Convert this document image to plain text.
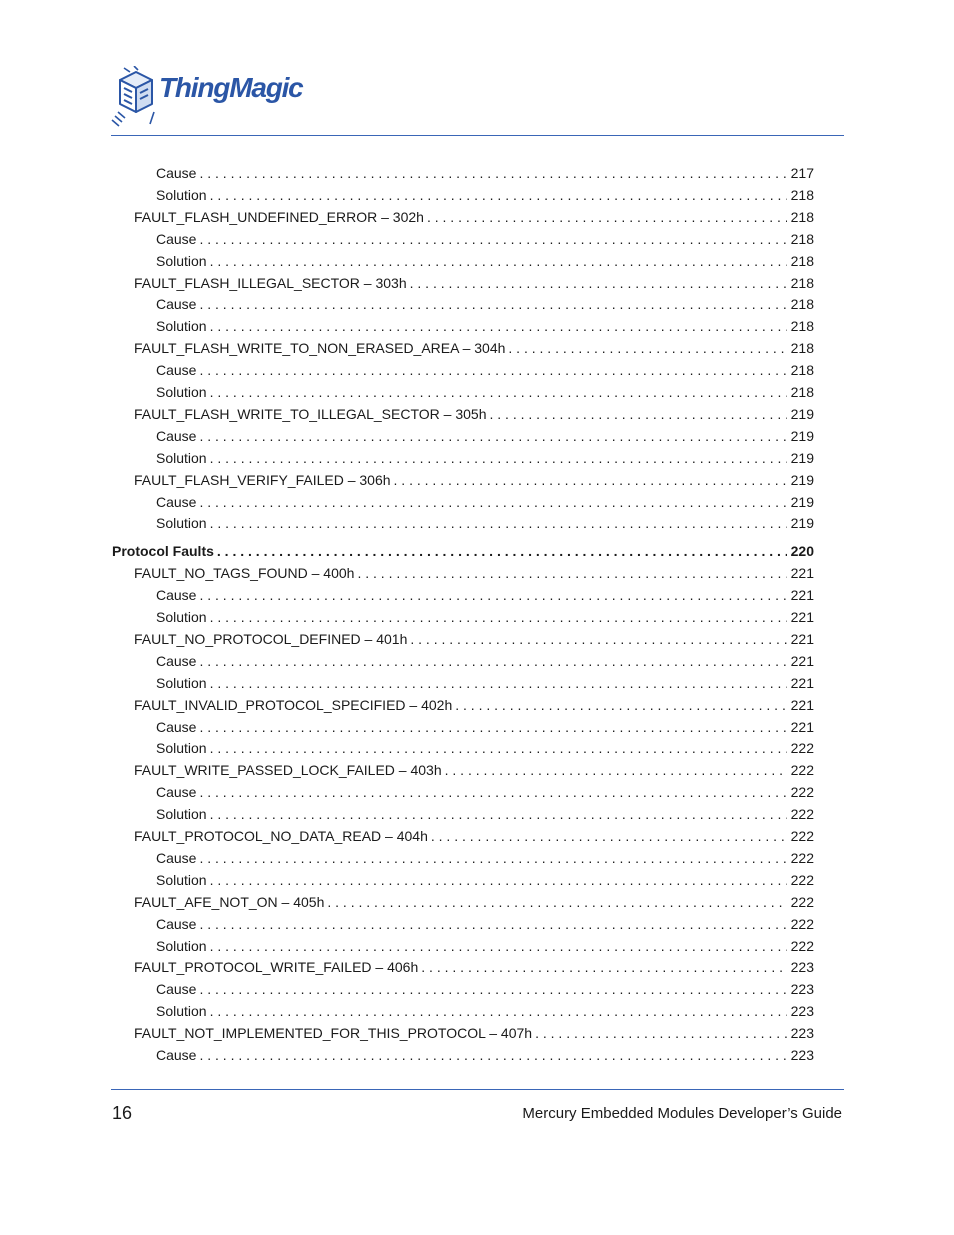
ThingMagic
Cause . . .	217
Solution . . .	218
FAULT_FLASH_UNDEFINED_ERROR – 302h . . .	218
Cause . . .	218
Solution . . .	218
FAULT_FLASH_ILLEGAL_SECTOR – 303h . . .	218
Cause . . .	218
Solution . . .	218
FAULT_FLASH_WRITE_TO_NON_ERASED_AREA – 304h . . .	218
Cause . . .	218
Solution . . .	218
FAULT_FLASH_WRITE_TO_ILLEGAL_SECTOR – 305h . . .	219
Cause . . .	219
Solution . . .	219
FAULT_FLASH_VERIFY_FAILED – 306h . . .	219
Cause . . .	219
Solution . . .	219
Protocol Faults . . .	220
FAULT_NO_TAGS_FOUND – 400h . . .	221
Cause . . .	221
Solution . . .	221
FAULT_NO_PROTOCOL_DEFINED – 401h . . .	221
Cause . . .	221
Solution . . .	221
FAULT_INVALID_PROTOCOL_SPECIFIED – 402h . . .	221
Cause . . .	221
Solution . . .	222
FAULT_WRITE_PASSED_LOCK_FAILED – 403h . . .	222
Cause . . .	222
Solution . . .	222
FAULT_PROTOCOL_NO_DATA_READ – 404h . . .	222
Cause . . .	222
Solution . . .	222
FAULT_AFE_NOT_ON – 405h . . .	222
Cause . . .	222
Solution . . .	222
FAULT_PROTOCOL_WRITE_FAILED – 406h . . .	223
Cause . . .	223
Solution . . .	223
FAULT_NOT_IMPLEMENTED_FOR_THIS_PROTOCOL – 407h . . .	223
Cause . . .	223
16	Mercury Embedded Modules Developer’s Guide
